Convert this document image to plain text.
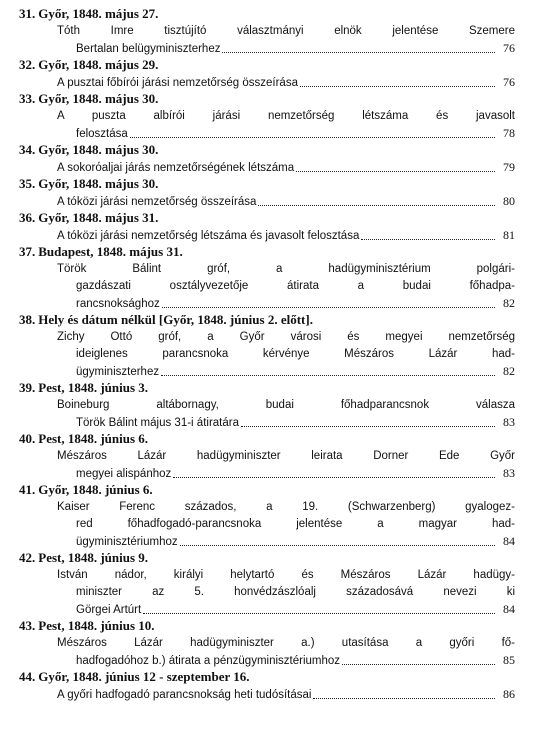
31. Győr, 1848. május 27.
Tóth Imre tisztújító választmányi elnök jelentése Szemere
Bertalan belügyminiszterhez	76
32. Győr, 1848. május 29.
A pusztai főbírói járási nemzetőrség összeírása	76
33. Győr, 1848. május 30.
A puszta albírói járási nemzetőrség létszáma és javasolt
felosztása	78
34. Győr, 1848. május 30.
A sokorόaljai járás nemzetőrségének létszáma	79
35. Győr, 1848. május 30.
A tóközi járási nemzetőrség összeírása	80
36. Győr, 1848. május 31.
A tóközi járási nemzetőrség létszáma és javasolt felosztása	81
37. Budapest, 1848. május 31.
Török Bálint gróf, a hadügyminisztérium polgári-
gazdászati osztályvezetője átirata a budai főhadpa-
rancsnoksághoz	82
38. Hely és dátum nélkül [Győr, 1848. június 2. előtt].
Zichy Ottó gróf, a Győr városi és megyei nemzetőrség
ideiglenes parancsnoka kérvénye Mészáros Lázár had-
ügyminiszterhez	82
39. Pest, 1848. június 3.
Boineburg altábornagy, budai főhadparancsnok válasza
Török Bálint május 31-i átiratára	83
40. Pest, 1848. június 6.
Mészáros Lázár hadügyminiszter leirata Dorner Ede Győr
megyei alispánhoz	83
41. Győr, 1848. június 6.
Kaiser Ferenc százados, a 19. (Schwarzenberg) gyalogez-
red főhadfogadó-parancsnoka jelentése a magyar had-
ügyminisztériumhoz	84
42. Pest, 1848. június 9.
István nádor, királyi helytartó és Mészáros Lázár hadügy-
miniszter az 5. honvédzászlóalj századosává nevezi ki
Görgei Artúrt	84
43. Pest, 1848. június 10.
Mészáros Lázár hadügyminiszter a.) utasítása a győri fő-
hadfogadóhoz b.) átirata a pénzügyminisztériumhoz	85
44. Győr, 1848. június 12 - szeptember 16.
A győri hadfogadó parancsnokság heti tudósításai	86
